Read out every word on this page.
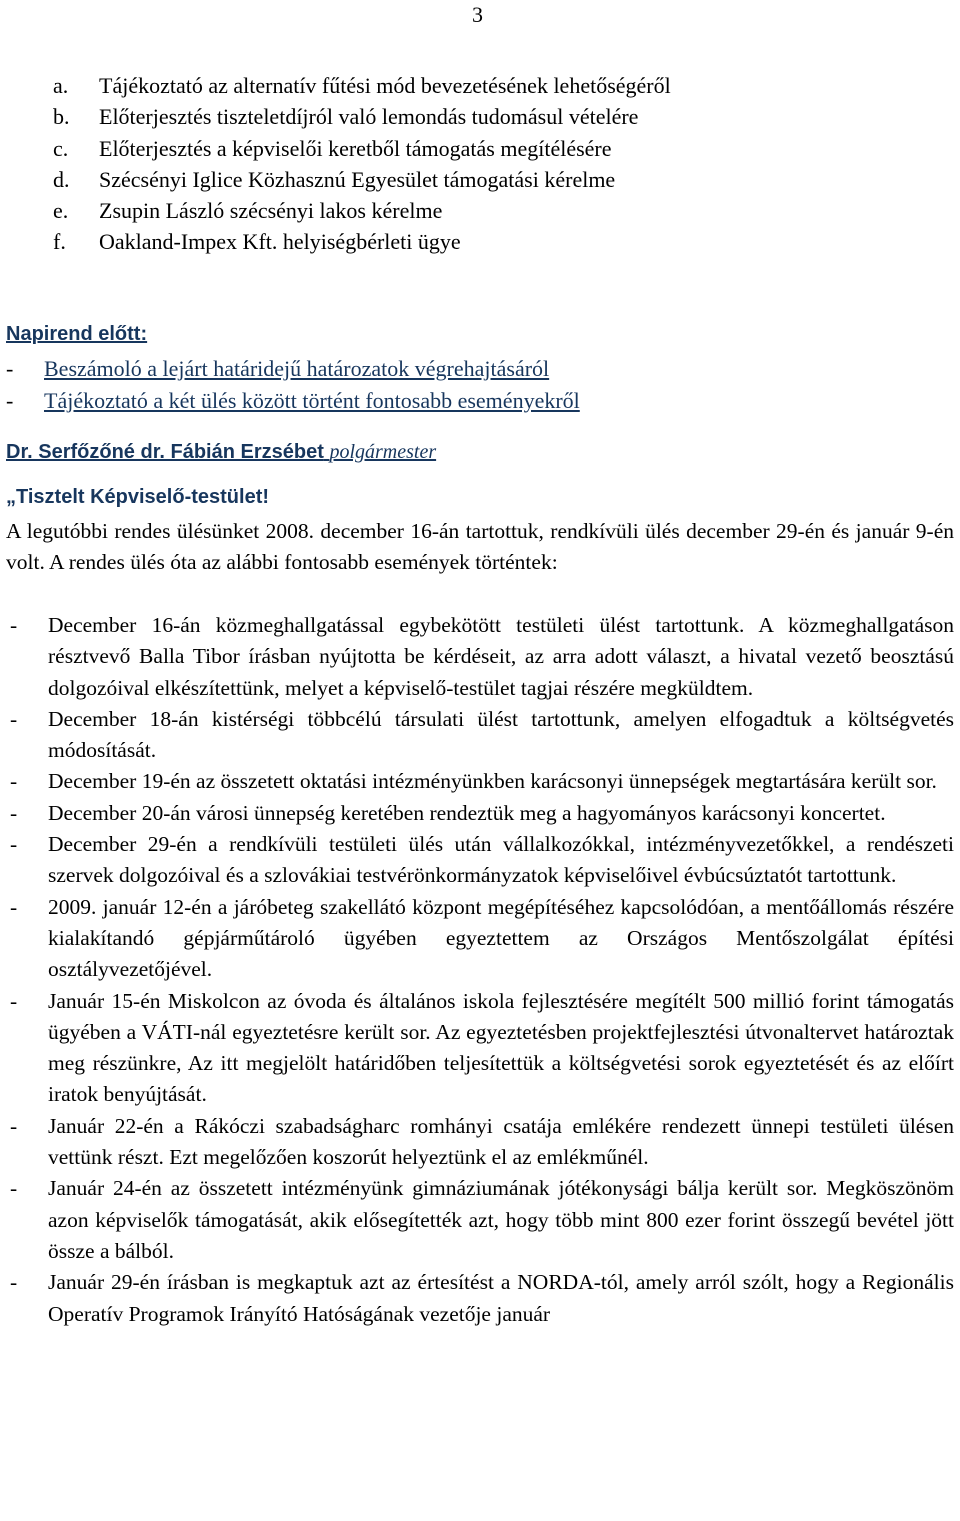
3
a. Tájékoztató az alternatív fűtési mód bevezetésének lehetőségéről
b. Előterjesztés tiszteletdíjról való lemondás tudomásul vételére
c. Előterjesztés a képviselői keretből támogatás megítélésére
d. Szécsényi Iglice Közhasznú Egyesület támogatási kérelme
e. Zsupin László szécsényi lakos kérelme
f. Oakland-Impex Kft. helyiségbérleti ügye
Napirend előtt:
- Beszámoló a lejárt határidejű határozatok végrehajtásáról
- Tájékoztató a két ülés között történt fontosabb eseményekről
Dr. Serfőzőné dr. Fábián Erzsébet polgármester
„Tisztelt Képviselő-testület!

A legutóbbi rendes ülésünket 2008. december 16-án tartottuk, rendkívüli ülés december 29-én és január 9-én volt. A rendes ülés óta az alábbi fontosabb események történtek:

- December 16-án közmeghallgatással egybekötött testületi ülést tartottunk. A közmeghallgatáson résztvevő Balla Tibor írásban nyújtotta be kérdéseit, az arra adott választ, a hivatal vezető beosztású dolgozóival elkészítettünk, melyet a képviselő-testület tagjai részére megküldtem.
- December 18-án kistérségi többcélú társulati ülést tartottunk, amelyen elfogadtuk a költségvetés módosítását.
- December 19-én az összetett oktatási intézményünkben karácsonyi ünnepségek megtartására került sor.
- December 20-án városi ünnepség keretében rendeztük meg a hagyományos karácsonyi koncertet.
- December 29-én a rendkívüli testületi ülés után vállalkozókkal, intézményvezetőkkel, a rendészeti szervek dolgozóival és a szlovákiai testvérönkormányzatok képviselőivel évbúcsúztatót tartottunk.
- 2009. január 12-én a járóbeteg szakellátó központ megépítéséhez kapcsolódóan, a mentőállomás részére kialakítandó gépjárműtároló ügyében egyeztettem az Országos Mentőszolgálat építési osztályvezetőjével.
- Január 15-én Miskolcon az óvoda és általános iskola fejlesztésére megítélt 500 millió forint támogatás ügyében a VÁTI-nál egyeztetésre került sor. Az egyeztetésben projektfejlesztési útvonaltervet határoztak meg részünkre, Az itt megjelölt határidőben teljesítettük a költségvetési sorok egyeztetését és az előírt iratok benyújtását.
- Január 22-én a Rákóczi szabadságharc romhányi csatája emlékére rendezett ünnepi testületi ülésen vettünk részt. Ezt megelőzően koszorút helyeztünk el az emlékműnél.
- Január 24-én az összetett intézményünk gimnáziumának jótékonysági bálja került sor. Megköszönöm azon képviselők támogatását, akik elősegítették azt, hogy több mint 800 ezer forint összegű bevétel jött össze a bálból.
- Január 29-én írásban is megkaptuk azt az értesítést a NORDA-tól, amely arról szólt, hogy a Regionális Operatív Programok Irányító Hatóságának vezetője január
